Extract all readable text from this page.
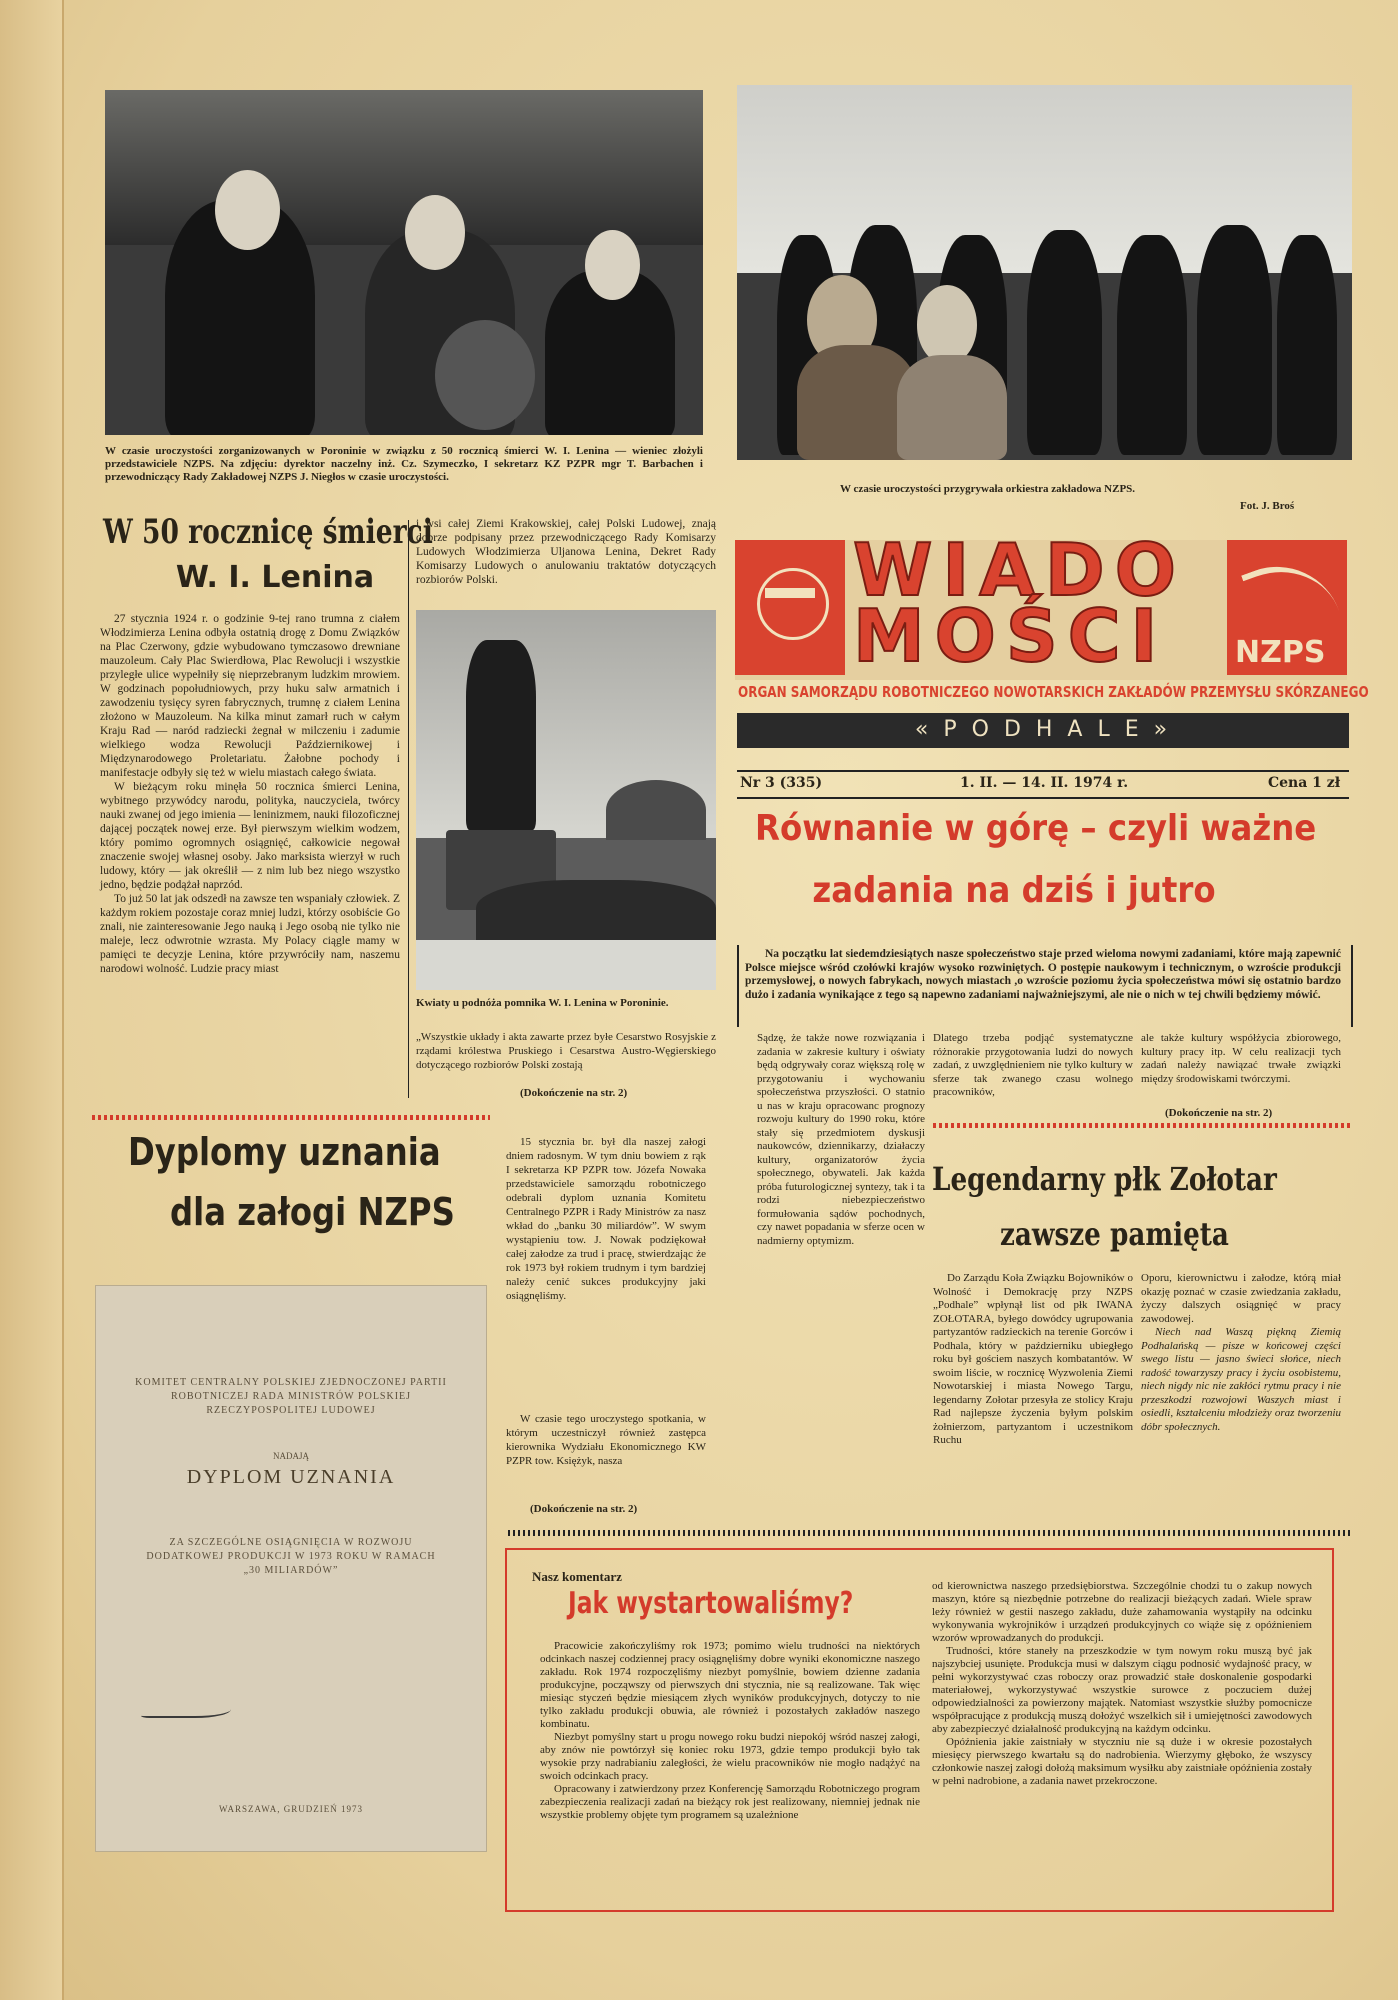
W czasie uroczystości zorganizowanych w Poroninie w związku z 50 rocznicą śmierci W. I. Lenina — wieniec złożyli przedstawiciele NZPS. Na zdjęciu: dyrektor naczelny inż. Cz. Szymeczko, I sekretarz KZ PZPR mgr T. Barbachen i przewodniczący Rady Zakładowej NZPS J. Niegłos w czasie uroczystości.
W czasie uroczystości przygrywała orkiestra zakładowa NZPS.
Fot. J. Broś
WIADO
MOŚCI	NZPS
ORGAN SAMORZĄDU ROBOTNICZEGO NOWOTARSKICH ZAKŁADÓW PRZEMYSŁU SKÓRZANEGO
« P O D H A L E »
Nr 3 (335)	1. II. — 14. II. 1974 r.	Cena 1 zł
W 50 rocznicę śmierci
W. I. Lenina
27 stycznia 1924 r. o godzinie 9-tej rano trumna z ciałem Włodzimierza Lenina odbyła ostatnią drogę z Domu Związków na Plac Czerwony, gdzie wybudowano tymczasowo drewniane mauzoleum. Cały Plac Swierdłowa, Plac Rewolucji i wszystkie przyległe ulice wypełniły się nieprzebranym ludzkim mrowiem. W godzinach popołudniowych, przy huku salw armatnich i zawodzeniu tysięcy syren fabrycznych, trumnę z ciałem Lenina złożono w Mauzoleum. Na kilka minut zamarł ruch w całym Kraju Rad — naród radziecki żegnał w milczeniu i zadumie wielkiego wodza Rewolucji Październikowej i Międzynarodowego Proletariatu. Żałobne pochody i manifestacje odbyły się też w wielu miastach całego świata.
W bieżącym roku minęła 50 rocznica śmierci Lenina, wybitnego przywódcy narodu, polityka, nauczyciela, twórcy nauki zwanej od jego imienia — leninizmem, nauki filozoficznej dającej początek nowej erze. Był pierwszym wielkim wodzem, który pomimo ogromnych osiągnięć, całkowicie negował znaczenie swojej własnej osoby. Jako marksista wierzył w ruch ludowy, który — jak określił — z nim lub bez niego wszystko jedno, będzie podążał naprzód.
To już 50 lat jak odszedł na zawsze ten wspaniały człowiek. Z każdym rokiem pozostaje coraz mniej ludzi, którzy osobiście Go znali, nie zainteresowanie Jego nauką i Jego osobą nie tylko nie maleje, lecz odwrotnie wzrasta. My Polacy ciągle mamy w pamięci te decyzje Lenina, które przywróciły nam, naszemu narodowi wolność. Ludzie pracy miast
i wsi całej Ziemi Krakowskiej, całej Polski Ludowej, znają dobrze podpisany przez przewodniczącego Rady Komisarzy Ludowych Włodzimierza Uljanowa Lenina, Dekret Rady Komisarzy Ludowych o anulowaniu traktatów dotyczących rozbiorów Polski.
Kwiaty u podnóża pomnika W. I. Lenina w Poroninie.
„Wszystkie układy i akta zawarte przez byłe Cesarstwo Rosyjskie z rządami królestwa Pruskiego i Cesarstwa Austro-Węgierskiego dotyczącego rozbiorów Polski zostają
(Dokończenie na str. 2)
Równanie w górę – czyli ważne
zadania na dziś i jutro
Na początku lat siedemdziesiątych nasze społeczeństwo staje przed wieloma nowymi zadaniami, które mają zapewnić Polsce miejsce wśród czołówki krajów wysoko rozwiniętych. O postępie naukowym i technicznym, o wzroście produkcji przemysłowej, o nowych fabrykach, nowych miastach ,o wzroście poziomu życia społeczeństwa mówi się ostatnio bardzo dużo i zadania wynikające z tego są napewno zadaniami najważniejszymi, ale nie o nich w tej chwili będziemy mówić.
Sądzę, że także nowe rozwiązania i zadania w zakresie kultury i oświaty będą odgrywały coraz większą rolę w przygotowaniu i wychowaniu społeczeństwa przyszłości. O statnio u nas w kraju opracowanc prognozy rozwoju kultury do 1990 roku, które stały się przedmiotem dyskusji naukowców, dziennikarzy, działaczy kultury, organizatorów życia społecznego, obywateli. Jak każda próba futurologicznej syntezy, tak i ta rodzi niebezpieczeństwo formułowania sądów pochodnych, czy nawet popadania w sferze ocen w nadmierny optymizm.
Dlatego trzeba podjąć systematyczne różnorakie przygotowania ludzi do nowych zadań, z uwzględnieniem nie tylko kultury w sferze tak zwanego czasu wolnego pracowników,
ale także kultury współżycia zbiorowego, kultury pracy itp. W celu realizacji tych zadań należy nawiązać trwałe związki między środowiskami twórczymi.
(Dokończenie na str. 2)
Dyplomy uznania
dla załogi NZPS
KOMITET CENTRALNY POLSKIEJ ZJEDNOCZONEJ PARTII ROBOTNICZEJ RADA MINISTRÓW POLSKIEJ RZECZYPOSPOLITEJ LUDOWEJ
NADAJĄ
DYPLOM UZNANIA
ZA SZCZEGÓLNE OSIĄGNIĘCIA W ROZWOJU DODATKOWEJ PRODUKCJI W 1973 ROKU W RAMACH „30 MILIARDÓW”
WARSZAWA, GRUDZIEŃ 1973
15 stycznia br. był dla naszej załogi dniem radosnym. W tym dniu bowiem z rąk I sekretarza KP PZPR tow. Józefa Nowaka przedstawiciele samorządu robotniczego odebrali dyplom uznania Komitetu Centralnego PZPR i Rady Ministrów za nasz wkład do „banku 30 miliardów”. W swym wystąpieniu tow. J. Nowak podziękował całej załodze za trud i pracę, stwierdzając że rok 1973 był rokiem trudnym i tym bardziej należy cenić sukces produkcyjny jaki osiągnęliśmy.
W czasie tego uroczystego spotkania, w którym uczestniczył również zastępca kierownika Wydziału Ekonomicznego KW PZPR tow. Księżyk, nasza
(Dokończenie na str. 2)
Legendarny płk Zołotar
zawsze pamięta
Do Zarządu Koła Związku Bojowników o Wolność i Demokrację przy NZPS „Podhale” wpłynął list od płk IWANA ZOŁOTARA, byłego dowódcy ugrupowania partyzantów radzieckich na terenie Gorców i Podhala, który w październiku ubiegłego roku był gościem naszych kombatantów. W swoim liście, w rocznicę Wyzwolenia Ziemi Nowotarskiej i miasta Nowego Targu, legendarny Zołotar przesyła ze stolicy Kraju Rad najlepsze życzenia byłym polskim żołnierzom, partyzantom i uczestnikom Ruchu
Oporu, kierownictwu i załodze, którą miał okazję poznać w czasie zwiedzania zakładu, życzy dalszych osiągnięć w pracy zawodowej.
Niech nad Waszą piękną Ziemią Podhalańską — pisze w końcowej części swego listu — jasno świeci słońce, niech radość towarzyszy pracy i życiu osobistemu, niech nigdy nic nie zakłóci rytmu pracy i nie przeszkodzi rozwojowi Waszych miast i osiedli, kształceniu młodzieży oraz tworzeniu dóbr społecznych.
Nasz komentarz
Jak wystartowaliśmy?
Pracowicie zakończyliśmy rok 1973; pomimo wielu trudności na niektórych odcinkach naszej codziennej pracy osiągnęliśmy dobre wyniki ekonomiczne naszego zakładu. Rok 1974 rozpoczęliśmy niezbyt pomyślnie, bowiem dzienne zadania produkcyjne, począwszy od pierwszych dni stycznia, nie są realizowane. Tak więc miesiąc styczeń będzie miesiącem złych wyników produkcyjnych, dotyczy to nie tylko zakładu produkcji obuwia, ale również i pozostałych zakładów naszego kombinatu.
Niezbyt pomyślny start u progu nowego roku budzi niepokój wśród naszej załogi, aby znów nie powtórzył się koniec roku 1973, gdzie tempo produkcji było tak wysokie przy nadrabianiu zaległości, że wielu pracowników nie mogło nadążyć na swoich odcinkach pracy.
Opracowany i zatwierdzony przez Konferencję Samorządu Robotniczego program zabezpieczenia realizacji zadań na bieżący rok jest realizowany, niemniej jednak nie wszystkie problemy objęte tym programem są uzależnione
od kierownictwa naszego przedsiębiorstwa. Szczególnie chodzi tu o zakup nowych maszyn, które są niezbędnie potrzebne do realizacji bieżących zadań. Wiele spraw leży również w gestii naszego zakładu, duże zahamowania wystąpiły na odcinku wykonywania wykrojników i urządzeń produkcyjnych co wiąże się z opóźnieniem wzorów wprowadzanych do produkcji.
Trudności, które staneły na przeszkodzie w tym nowym roku muszą być jak najszybciej usunięte. Produkcja musi w dalszym ciągu podnosić wydajność pracy, w pełni wykorzystywać czas roboczy oraz prowadzić stałe doskonalenie gospodarki materiałowej, wykorzystywać wszystkie surowce z poczuciem dużej odpowiedzialności za powierzony majątek. Natomiast wszystkie służby pomocnicze współpracujące z produkcją muszą dołożyć wszelkich sił i umiejętności zawodowych aby zabezpieczyć działalność produkcyjną na każdym odcinku.
Opóźnienia jakie zaistniały w styczniu nie są duże i w okresie pozostałych miesięcy pierwszego kwartału są do nadrobienia. Wierzymy głęboko, że wszyscy członkowie naszej załogi dołożą maksimum wysiłku aby zaistniałe opóźnienia zostały w pełni nadrobione, a zadania nawet przekroczone.
